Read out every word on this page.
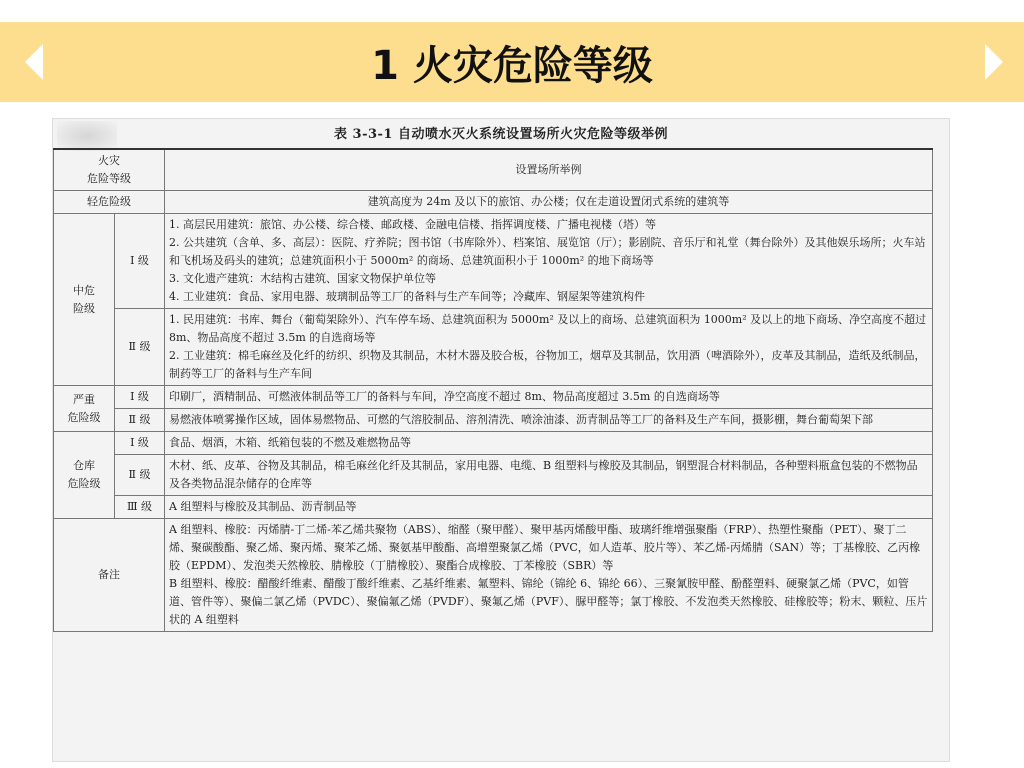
1 火灾危险等级
表 3-3-1 自动喷水灭火系统设置场所火灾危险等级举例
火灾
危险等级		设置场所举例
轻危险级		建筑高度为 24m 及以下的旅馆、办公楼；仅在走道设置闭式系统的建筑等
中危
险级	Ⅰ 级	1. 高层民用建筑：旅馆、办公楼、综合楼、邮政楼、金融电信楼、指挥调度楼、广播电视楼（塔）等
2. 公共建筑（含单、多、高层）：医院、疗养院；图书馆（书库除外）、档案馆、展览馆（厅）；影剧院、音乐厅和礼堂（舞台除外）及其他娱乐场所；火车站和飞机场及码头的建筑；总建筑面积小于 5000m² 的商场、总建筑面积小于 1000m² 的地下商场等
3. 文化遗产建筑：木结构古建筑、国家文物保护单位等
4. 工业建筑：食品、家用电器、玻璃制品等工厂的备料与生产车间等；冷藏库、钢屋架等建筑构件

	Ⅱ 级	1. 民用建筑：书库、舞台（葡萄架除外）、汽车停车场、总建筑面积为 5000m² 及以上的商场、总建筑面积为 1000m² 及以上的地下商场、净空高度不超过 8m、物品高度不超过 3.5m 的自选商场等
2. 工业建筑：棉毛麻丝及化纤的纺织、织物及其制品，木材木器及胶合板，谷物加工，烟草及其制品，饮用酒（啤酒除外），皮革及其制品，造纸及纸制品，制药等工厂的备料与生产车间

严重
危险级	Ⅰ 级	印刷厂，酒精制品、可燃液体制品等工厂的备料与车间，净空高度不超过 8m、物品高度超过 3.5m 的自选商场等
	Ⅱ 级	易燃液体喷雾操作区域，固体易燃物品、可燃的气溶胶制品、溶剂清洗、喷涂油漆、沥青制品等工厂的备料及生产车间，摄影棚，舞台葡萄架下部
仓库
危险级	Ⅰ 级	食品、烟酒，木箱、纸箱包装的不燃及难燃物品等
	Ⅱ 级	木材、纸、皮革、谷物及其制品，棉毛麻丝化纤及其制品，家用电器、电缆、B 组塑料与橡胶及其制品，钢塑混合材料制品，各种塑料瓶盒包装的不燃物品及各类物品混杂储存的仓库等
	Ⅲ 级	A 组塑料与橡胶及其制品、沥青制品等
备注		A 组塑料、橡胶：丙烯腈-丁二烯-苯乙烯共聚物（ABS）、缩醛（聚甲醛）、聚甲基丙烯酸甲酯、玻璃纤维增强聚酯（FRP）、热塑性聚酯（PET）、聚丁二烯、聚碳酸酯、聚乙烯、聚丙烯、聚苯乙烯、聚氨基甲酸酯、高增塑聚氯乙烯（PVC，如人造革、胶片等）、苯乙烯-丙烯腈（SAN）等；丁基橡胶、乙丙橡胶（EPDM）、发泡类天然橡胶、腈橡胶（丁腈橡胶）、聚酯合成橡胶、丁苯橡胶（SBR）等
B 组塑料、橡胶：醋酸纤维素、醋酸丁酸纤维素、乙基纤维素、氟塑料、锦纶（锦纶 6、锦纶 66）、三聚氰胺甲醛、酚醛塑料、硬聚氯乙烯（PVC，如管道、管件等）、聚偏二氯乙烯（PVDC）、聚偏氟乙烯（PVDF）、聚氟乙烯（PVF）、脲甲醛等；氯丁橡胶、不发泡类天然橡胶、硅橡胶等；粉末、颗粒、压片状的 A 组塑料
